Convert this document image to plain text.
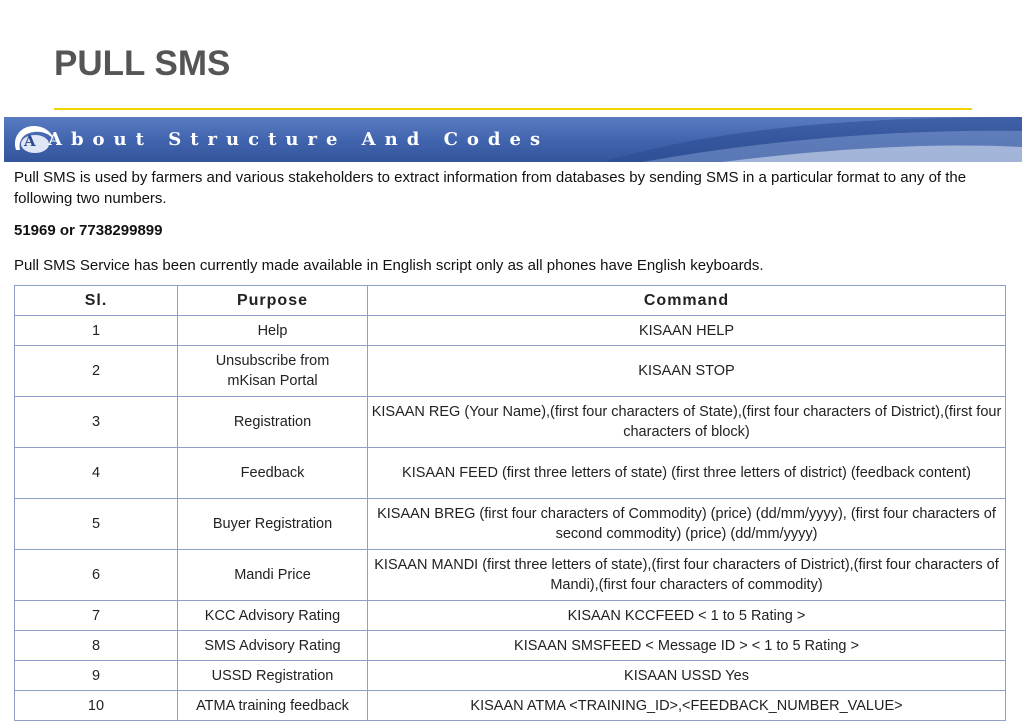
PULL SMS
A About Structure And Codes

Pull SMS is used by farmers and various stakeholders to extract information from databases by sending SMS in a particular format to any of the following two numbers.

51969 or 7738299899
Pull SMS Service has been currently made available in English script only as all phones have English keyboards.
Sl.	Purpose	Command
1	Help	KISAAN HELP
2	Unsubscribe from mKisan Portal	KISAAN STOP
3	Registration	KISAAN REG (Your Name),(first four characters of State),(first four characters of District),(first four characters of block)
4	Feedback	KISAAN FEED (first three letters of state) (first three letters of district) (feedback content)
5	Buyer Registration	KISAAN BREG (first four characters of Commodity) (price) (dd/mm/yyyy), (first four characters of second commodity) (price) (dd/mm/yyyy)
6	Mandi Price	KISAAN MANDI (first three letters of state),(first four characters of District),(first four characters of Mandi),(first four characters of commodity)
7	KCC Advisory Rating	KISAAN KCCFEED < 1 to 5 Rating >
8	SMS Advisory Rating	KISAAN SMSFEED < Message ID > < 1 to 5 Rating >
9	USSD Registration	KISAAN USSD Yes
10	ATMA training feedback	KISAAN ATMA <TRAINING_ID>,<FEEDBACK_NUMBER_VALUE>
